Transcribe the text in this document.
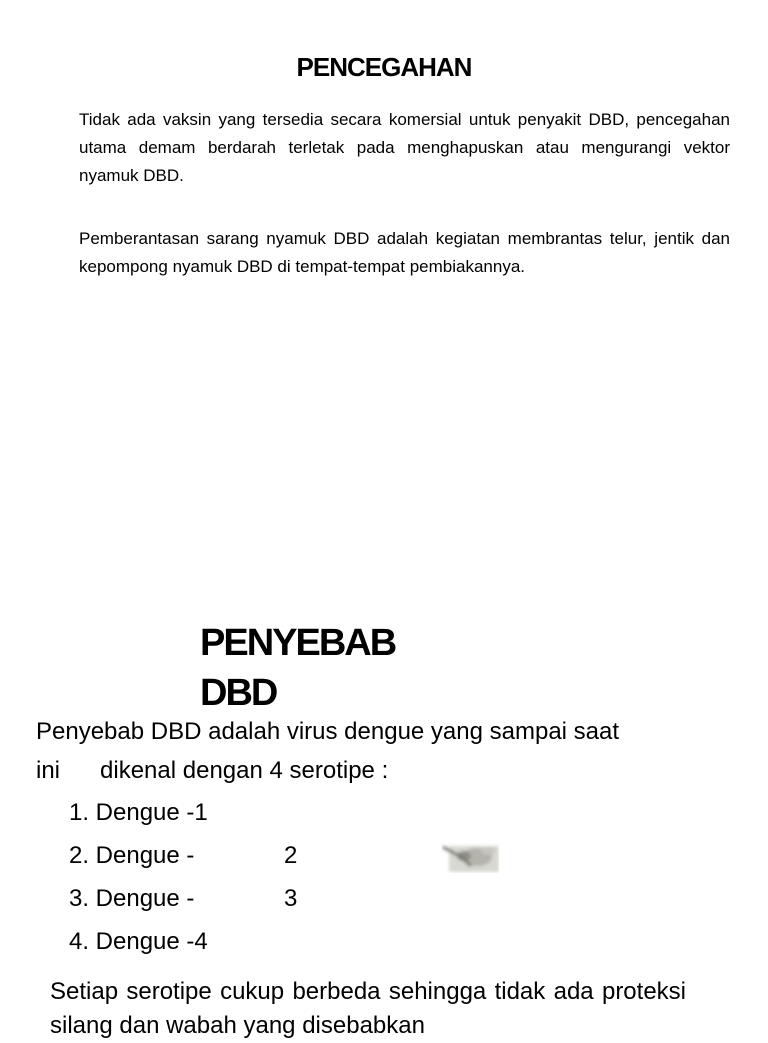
PENCEGAHAN

Tidak ada vaksin yang tersedia secara komersial untuk penyakit DBD, pencegahan utama demam berdarah terletak pada menghapuskan atau mengurangi vektor nyamuk DBD.

Pemberantasan sarang nyamuk DBD adalah kegiatan membrantas telur, jentik dan kepompong nyamuk DBD di tempat-tempat pembiakannya.

PENYEBAB
DBD
Penyebab DBD adalah virus dengue yang sampai saat
ini      dikenal dengan 4 serotipe :
1. Dengue -1
2. Dengue -	2
3. Dengue -	3
4. Dengue -4

Setiap serotipe cukup berbeda sehingga tidak ada proteksi silang dan wabah yang disebabkan
